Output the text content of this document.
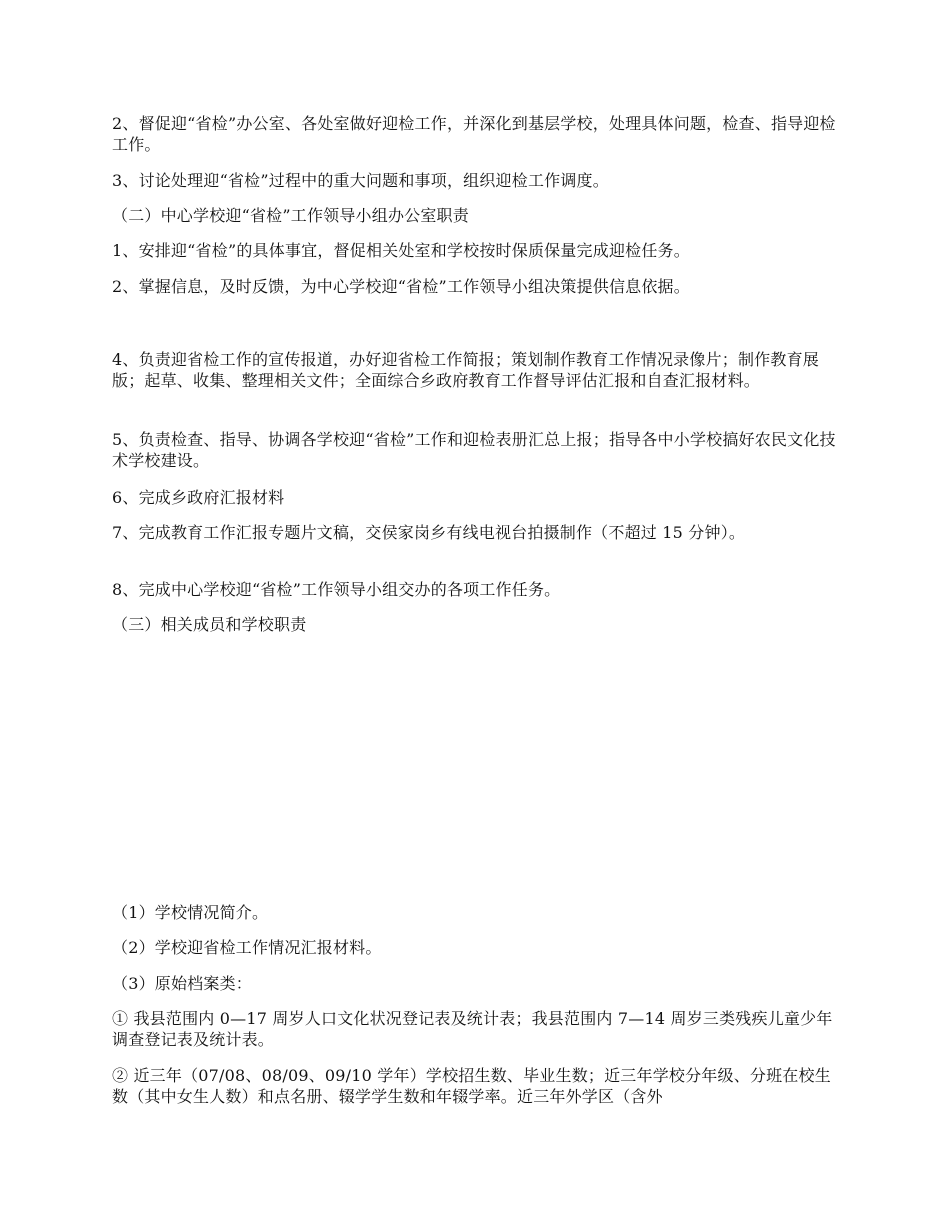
2、督促迎“省检”办公室、各处室做好迎检工作，并深化到基层学校，处理具体问题，检查、指导迎检工作。

3、讨论处理迎“省检”过程中的重大问题和事项，组织迎检工作调度。

（二）中心学校迎“省检”工作领导小组办公室职责

1、安排迎“省检”的具体事宜，督促相关处室和学校按时保质保量完成迎检任务。

2、掌握信息，及时反馈，为中心学校迎“省检”工作领导小组决策提供信息依据。

4、负责迎省检工作的宣传报道，办好迎省检工作简报；策划制作教育工作情况录像片；制作教育展版；起草、收集、整理相关文件；全面综合乡政府教育工作督导评估汇报和自查汇报材料。

5、负责检查、指导、协调各学校迎“省检”工作和迎检表册汇总上报；指导各中小学校搞好农民文化技术学校建设。

6、完成乡政府汇报材料

7、完成教育工作汇报专题片文稿，交侯家岗乡有线电视台拍摄制作（不超过 15 分钟）。

8、完成中心学校迎“省检”工作领导小组交办的各项工作任务。

（三）相关成员和学校职责

（1）学校情况简介。

（2）学校迎省检工作情况汇报材料。

（3）原始档案类：

① 我县范围内 0—17 周岁人口文化状况登记表及统计表；我县范围内 7—14 周岁三类残疾儿童少年调查登记表及统计表。

② 近三年（07/08、08/09、09/10 学年）学校招生数、毕业生数；近三年学校分年级、分班在校生数（其中女生人数）和点名册、辍学学生数和年辍学率。近三年外学区（含外
